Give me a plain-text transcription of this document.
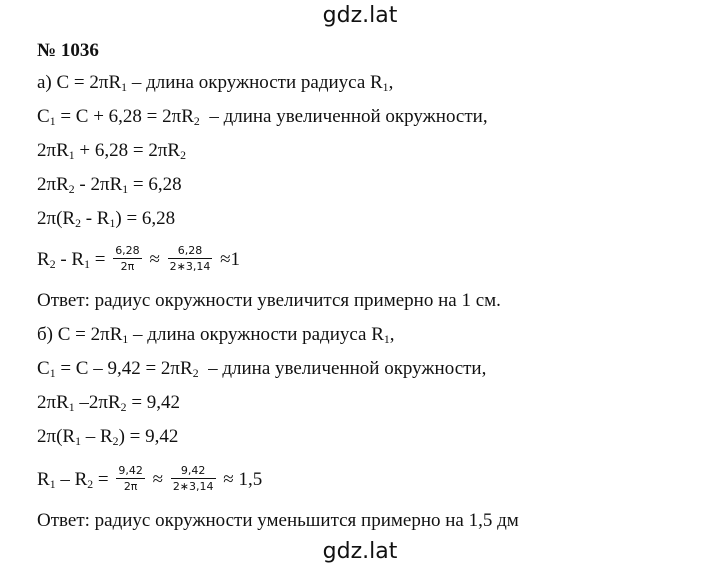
gdz.lat
№ 1036
а) $С = 2\pi R_1$ – длина окружности радиуса $R_1$,
$С_1 = С + 6,28 = 2\pi R_2$  – длина увеличенной окружности,
$2\pi R_1 + 6,28 = 2\pi R_2$
$2\pi R_2 - 2\pi R_1 = 6,28$
$2\pi(R_2 - R_1) = 6,28$
$R_2 - R_1 = \frac{6,28}{2\pi} \approx \frac{6,28}{2∗3,14} \approx 1$
Ответ: радиус окружности увеличится примерно на 1 см.
б) $С = 2\pi R_1$ – длина окружности радиуса $R_1$,
$С_1 = С - 9,42 = 2\pi R_2$  – длина увеличенной окружности,
$2\pi R_1$ $-2\pi R_2 = 9,42$
$2\pi(R_1 - R_2) = 9,42$
$R_1 - R_2 = \frac{9,42}{2\pi} \approx \frac{9,42}{2∗3,14} \approx 1,5$
Ответ: радиус окружности уменьшится примерно на 1,5 дм
gdz.lat
